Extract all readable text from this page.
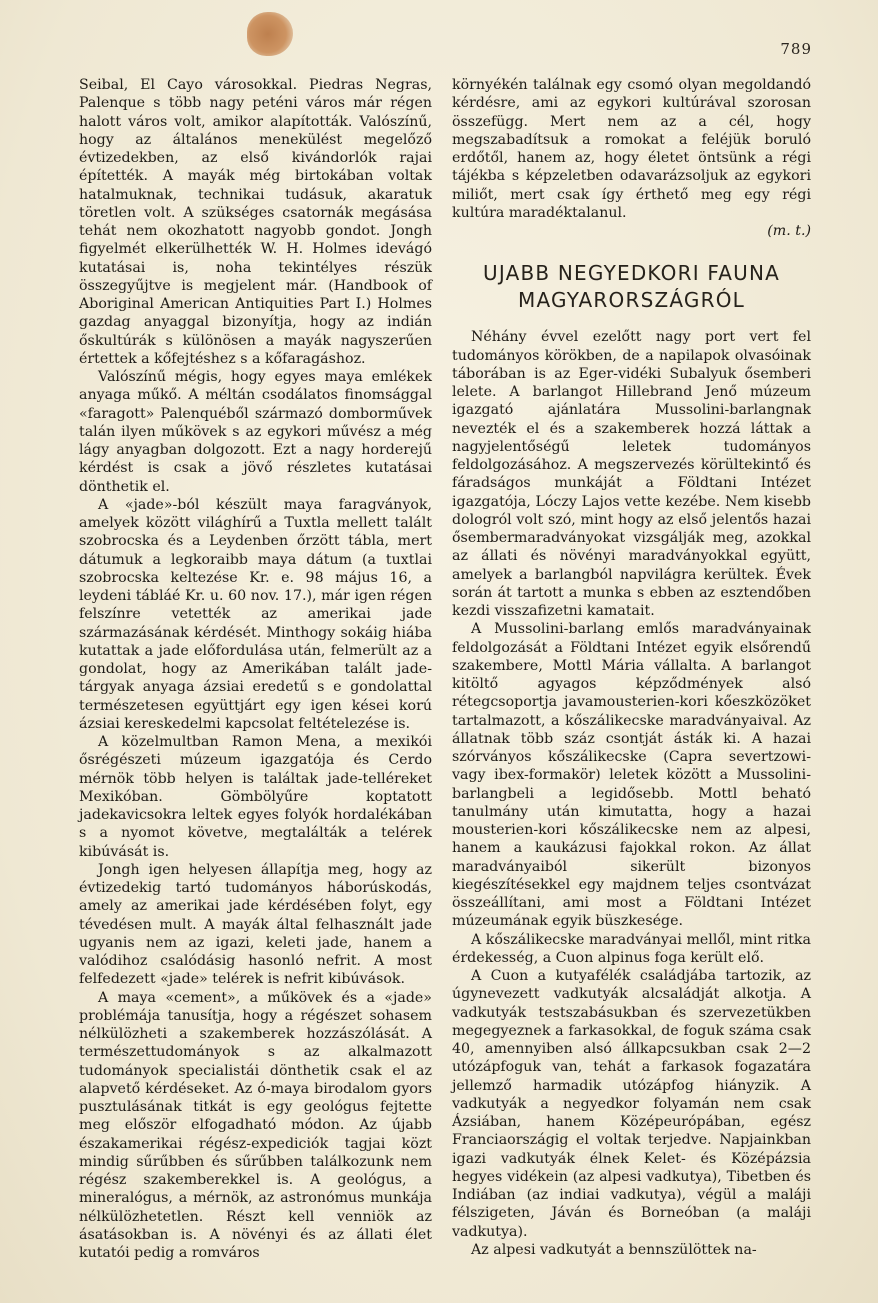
789

Seibal, El Cayo városokkal. Piedras Negras, Palenque s több nagy peténi város már régen halott város volt, amikor alapították. Valószínű, hogy az általános menekülést megelőző évtizedekben, az első kivándorlók rajai építették. A mayák még birtokában voltak hatalmuknak, technikai tudásuk, akaratuk töretlen volt. A szükséges csatornák megásása tehát nem okozhatott nagyobb gondot. Jongh figyelmét elkerülhették W. H. Holmes idevágó kutatásai is, noha tekintélyes részük összegyűjtve is megjelent már. (Handbook of Aboriginal American Antiquities Part I.) Holmes gazdag anyaggal bizonyítja, hogy az indián őskultúrák s különösen a mayák nagyszerűen értettek a kőfejtéshez s a kőfaragáshoz.

Valószínű mégis, hogy egyes maya emlékek anyaga műkő. A méltán csodálatos finomsággal «faragott» Palenquéből származó domborművek talán ilyen műkövek s az egykori művész a még lágy anyagban dolgozott. Ezt a nagy horderejű kérdést is csak a jövő részletes kutatásai dönthetik el.

A «jade»-ból készült maya faragványok, amelyek között világhírű a Tuxtla mellett talált szobrocska és a Leydenben őrzött tábla, mert dátumuk a legkoraibb maya dátum (a tuxtlai szobrocska keltezése Kr. e. 98 május 16, a leydeni tábláé Kr. u. 60 nov. 17.), már igen régen felszínre vetették az amerikai jade származásának kérdését. Minthogy sokáig hiába kutattak a jade előfordulása után, felmerült az a gondolat, hogy az Amerikában talált jade-tárgyak anyaga ázsiai eredetű s e gondolattal természetesen együttjárt egy igen kései korú ázsiai kereskedelmi kapcsolat feltételezése is.

A közelmultban Ramon Mena, a mexikói ősrégészeti múzeum igazgatója és Cerdo mérnök több helyen is találtak jade-telléreket Mexikóban. Gömbölyűre koptatott jadekavicsokra leltek egyes folyók hordalékában s a nyomot követve, megtalálták a telérek kibúvását is.

Jongh igen helyesen állapítja meg, hogy az évtizedekig tartó tudományos háborúskodás, amely az amerikai jade kérdésében folyt, egy tévedésen mult. A mayák által felhasznált jade ugyanis nem az igazi, keleti jade, hanem a valódihoz csalódásig hasonló nefrit. A most felfedezett «jade» telérek is nefrit kibúvások.

A maya «cement», a műkövek és a «jade» problémája tanusítja, hogy a régészet sohasem nélkülözheti a szakemberek hozzászólását. A természettudományok s az alkalmazott tudományok specialistái dönthetik csak el az alapvető kérdéseket. Az ó-maya birodalom gyors pusztulásának titkát is egy geológus fejtette meg először elfogadható módon. Az újabb északamerikai régész-expediciók tagjai közt mindig sűrűbben és sűrűbben találkozunk nem régész szakemberekkel is. A geológus, a mineralógus, a mérnök, az astronómus munkája nélkülözhetetlen. Részt kell venniök az ásatásokban is. A növényi és az állati élet kutatói pedig a romváros

környékén találnak egy csomó olyan megoldandó kérdésre, ami az egykori kultúrával szorosan összefügg. Mert nem az a cél, hogy megszabadítsuk a romokat a feléjük boruló erdőtől, hanem az, hogy életet öntsünk a régi tájékba s képzeletben odavarázsoljuk az egykori miliőt, mert csak így érthető meg egy régi kultúra maradéktalanul.

(m. t.)

UJABB NEGYEDKORI FAUNA
MAGYARORSZÁGRÓL

Néhány évvel ezelőtt nagy port vert fel tudományos körökben, de a napilapok olvasóinak táborában is az Eger-vidéki Subalyuk ősemberi lelete. A barlangot Hillebrand Jenő múzeum igazgató ajánlatára Mussolini-barlangnak nevezték el és a szakemberek hozzá láttak a nagyjelentőségű leletek tudományos feldolgozásához. A megszervezés körültekintő és fáradságos munkáját a Földtani Intézet igazgatója, Lóczy Lajos vette kezébe. Nem kisebb dologról volt szó, mint hogy az első jelentős hazai ősembermaradványokat vizsgálják meg, azokkal az állati és növényi maradványokkal együtt, amelyek a barlangból napvilágra kerültek. Évek során át tartott a munka s ebben az esztendőben kezdi visszafizetni kamatait.

A Mussolini-barlang emlős maradványainak feldolgozását a Földtani Intézet egyik elsőrendű szakembere, Mottl Mária vállalta. A barlangot kitöltő agyagos képződmények alsó rétegcsoportja javamousterien-kori kőeszközöket tartalmazott, a kőszálikecske maradványaival. Az állatnak több száz csontját ásták ki. A hazai szórványos kőszálikecske (Capra severtzowi- vagy ibex-formakör) leletek között a Mussolini-barlangbeli a legidősebb. Mottl beható tanulmány után kimutatta, hogy a hazai mousterien-kori kőszálikecske nem az alpesi, hanem a kaukázusi fajokkal rokon. Az állat maradványaiból sikerült bizonyos kiegészítésekkel egy majdnem teljes csontvázat összeállítani, ami most a Földtani Intézet múzeumának egyik büszkesége.

A kőszálikecske maradványai mellől, mint ritka érdekesség, a Cuon alpinus foga került elő.

A Cuon a kutyafélék családjába tartozik, az úgynevezett vadkutyák alcsaládját alkotja. A vadkutyák testszabásukban és szervezetükben megegyeznek a farkasokkal, de foguk száma csak 40, amennyiben alsó állkapcsukban csak 2—2 utózápfoguk van, tehát a farkasok fogazatára jellemző harmadik utózápfog hiányzik. A vadkutyák a negyedkor folyamán nem csak Ázsiában, hanem Középeurópában, egész Franciaországig el voltak terjedve. Napjainkban igazi vadkutyák élnek Kelet- és Középázsia hegyes vidékein (az alpesi vadkutya), Tibetben és Indiában (az indiai vadkutya), végül a maláji félszigeten, Jáván és Borneóban (a maláji vadkutya).

Az alpesi vadkutyát a bennszülöttek na-
